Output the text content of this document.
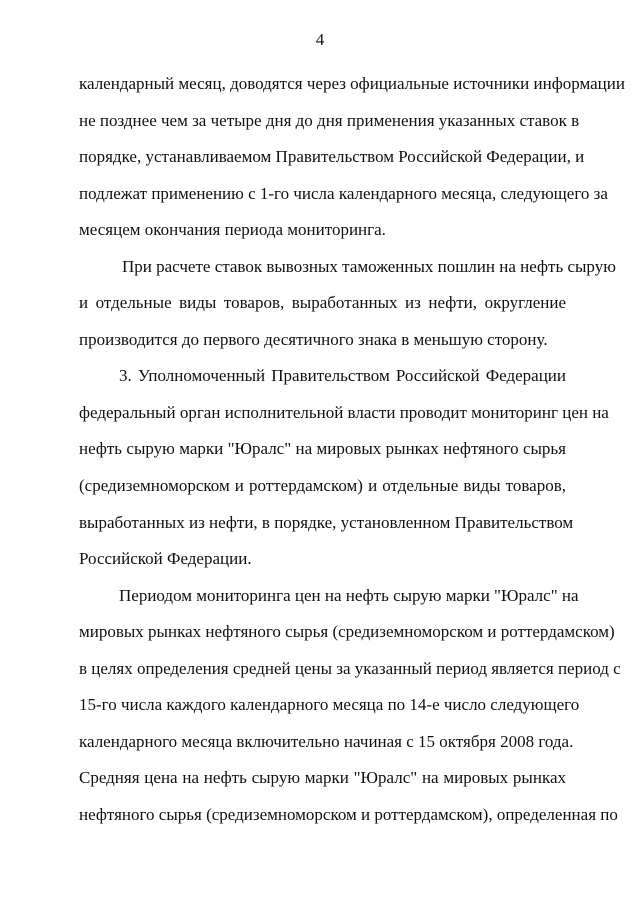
4
календарный месяц, доводятся через официальные источники информации
не позднее чем за четыре дня до дня применения указанных ставок в
порядке, устанавливаемом Правительством Российской Федерации, и
подлежат применению с 1-го числа календарного месяца, следующего за
месяцем окончания периода мониторинга.
При расчете ставок вывозных таможенных пошлин на нефть сырую
и отдельные виды товаров, выработанных из нефти, округление
производится до первого десятичного знака в меньшую сторону.
3. Уполномоченный Правительством Российской Федерации
федеральный орган исполнительной власти проводит мониторинг цен на
нефть сырую марки "Юралс" на мировых рынках нефтяного сырья
(средиземноморском и роттердамском) и отдельные виды товаров,
выработанных из нефти, в порядке, установленном Правительством
Российской Федерации.
Периодом мониторинга цен на нефть сырую марки "Юралс" на
мировых рынках нефтяного сырья (средиземноморском и роттердамском)
в целях определения средней цены за указанный период является период с
15-го числа каждого календарного месяца по 14-е число следующего
календарного месяца включительно начиная с 15 октября 2008 года.
Средняя цена на нефть сырую марки "Юралс" на мировых рынках
нефтяного сырья (средиземноморском и роттердамском), определенная по
